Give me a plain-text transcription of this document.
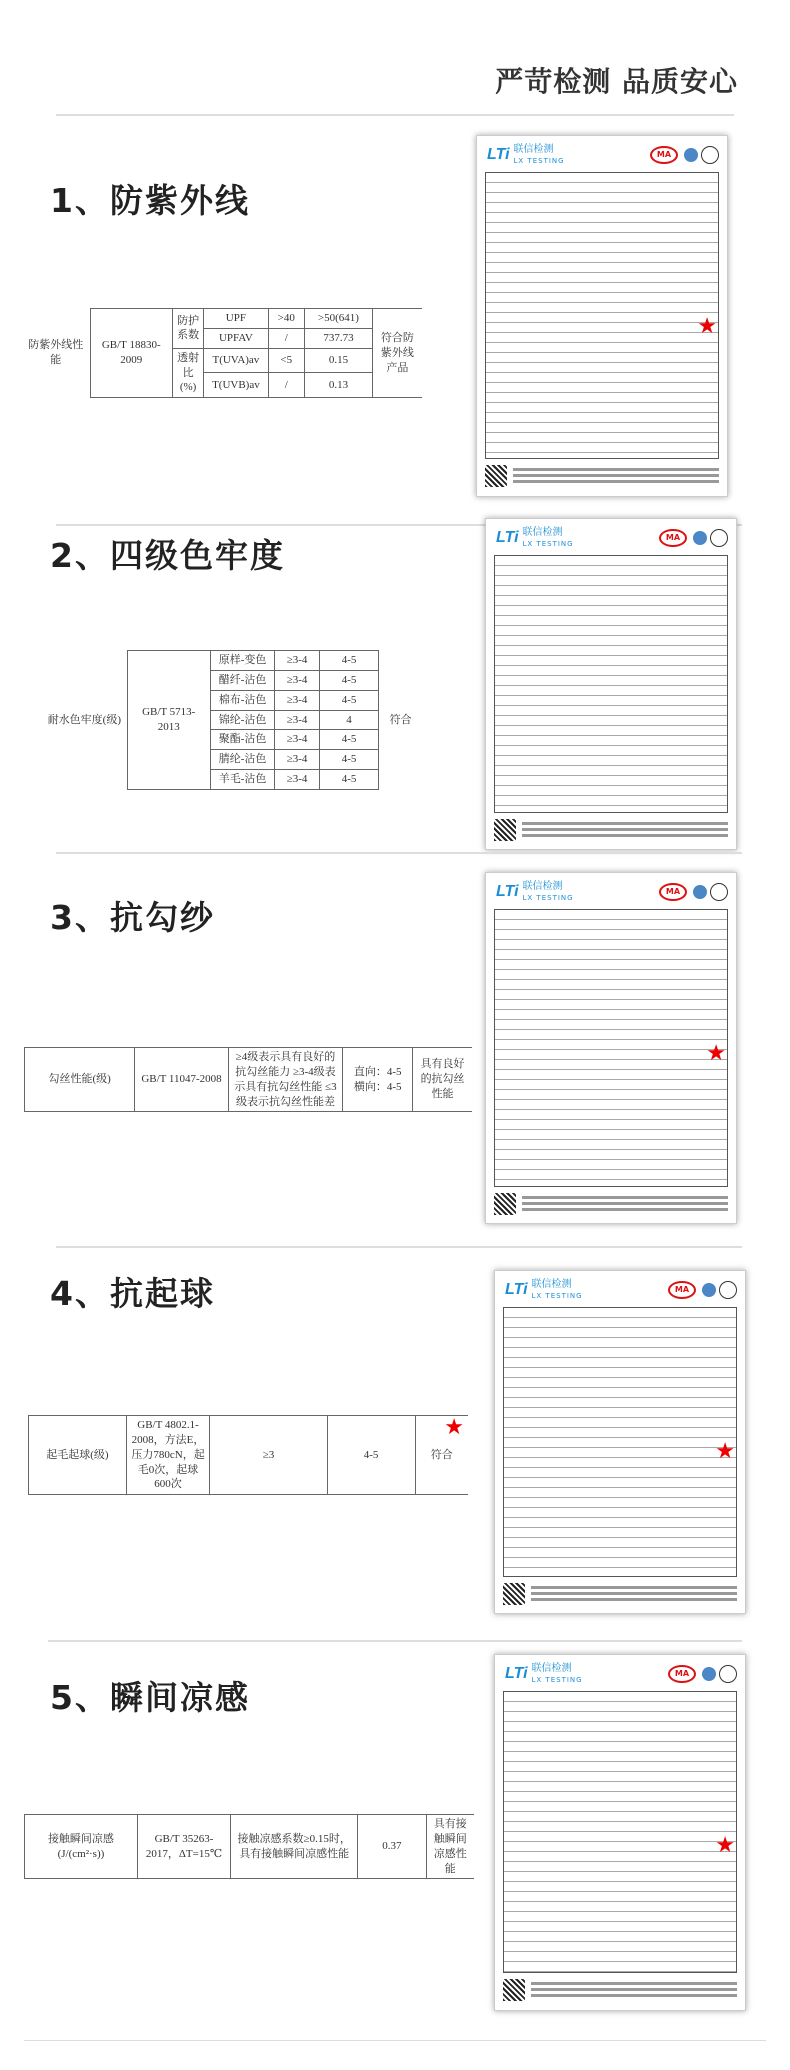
严苛检测 品质安心
1、防紫外线
防紫外线性能	GB/T 18830-2009	防护系数	UPF	>40	>50(641)	符合防紫外线产品
			UPFAV	/	737.73	
		透射比(%)	T(UVA)av	<5	0.15	
			T(UVB)av	/	0.13	
LTi 联信检测
LX TESTING
MA
★
2、四级色牢度
耐水色牢度(级)	GB/T 5713-2013	原样-变色	≥3-4	4-5	符合
		醋纤-沾色	≥3-4	4-5	
		棉布-沾色	≥3-4	4-5	
		锦纶-沾色	≥3-4	4	
		聚酯-沾色	≥3-4	4-5	
		腈纶-沾色	≥3-4	4-5	
		羊毛-沾色	≥3-4	4-5	
LTi 联信检测
LX TESTING
MA
3、抗勾纱
勾丝性能(级)	GB/T 11047-2008	≥4级表示具有良好的抗勾丝能力 ≥3-4级表示具有抗勾丝性能 ≤3级表示抗勾丝性能差	直向：4-5 横向：4-5	具有良好的抗勾丝性能
LTi 联信检测
LX TESTING
MA
★
4、抗起球
起毛起球(级)	GB/T 4802.1-2008，方法E，压力780cN，起毛0次，起球600次	≥3	4-5	符合
★
LTi 联信检测
LX TESTING
MA
★
5、瞬间凉感
接触瞬间凉感(J/(cm²·s))	GB/T 35263-2017，ΔT=15℃	接触凉感系数≥0.15时，具有接触瞬间凉感性能	0.37	具有接触瞬间凉感性能
LTi 联信检测
LX TESTING
MA
★
